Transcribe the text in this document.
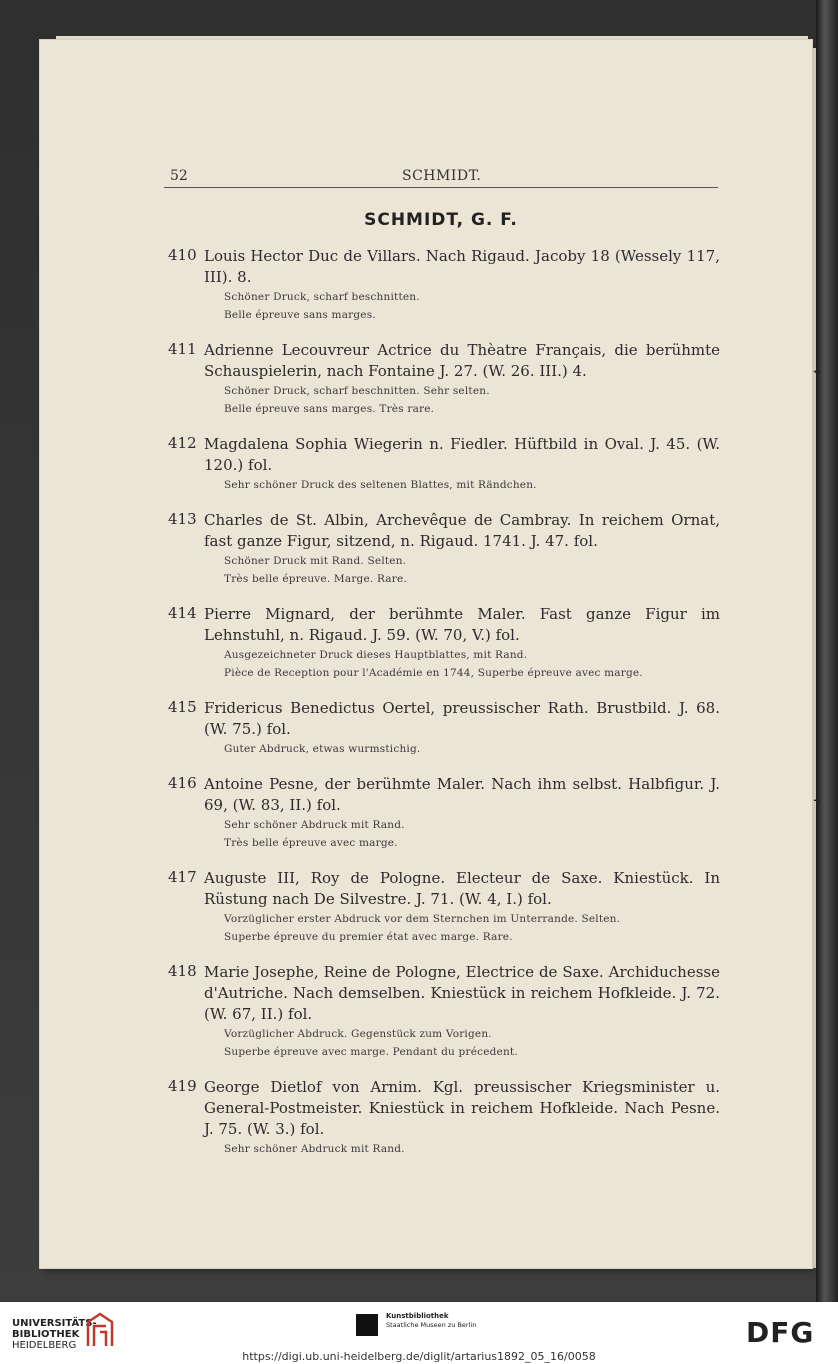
✦
✝
52	SCHMIDT.
SCHMIDT, G. F.
410 Louis Hector Duc de Villars. Nach Rigaud. Jacoby 18 (Wessely 117, III). 8.
Schöner Druck, scharf beschnitten.
Belle épreuve sans marges.
411 Adrienne Lecouvreur Actrice du Thèatre Français, die berühmte Schauspielerin, nach Fontaine J. 27. (W. 26. III.) 4.
Schöner Druck, scharf beschnitten. Sehr selten.
Belle épreuve sans marges. Très rare.
412 Magdalena Sophia Wiegerin n. Fiedler. Hüftbild in Oval. J. 45. (W. 120.) fol.
Sehr schöner Druck des seltenen Blattes, mit Rändchen.
413 Charles de St. Albin, Archevêque de Cambray. In reichem Ornat, fast ganze Figur, sitzend, n. Rigaud. 1741. J. 47. fol.
Schöner Druck mit Rand. Selten.
Très belle épreuve. Marge. Rare.
414 Pierre Mignard, der berühmte Maler. Fast ganze Figur im Lehnstuhl, n. Rigaud. J. 59. (W. 70, V.) fol.
Ausgezeichneter Druck dieses Hauptblattes, mit Rand.
Pièce de Reception pour l'Académie en 1744, Superbe épreuve avec marge.
415 Fridericus Benedictus Oertel, preussischer Rath. Brustbild. J. 68. (W. 75.) fol.
Guter Abdruck, etwas wurmstichig.
416 Antoine Pesne, der berühmte Maler. Nach ihm selbst. Halbfigur. J. 69, (W. 83, II.) fol.
Sehr schöner Abdruck mit Rand.
Très belle épreuve avec marge.
417 Auguste III, Roy de Pologne. Electeur de Saxe. Kniestück. In Rüstung nach De Silvestre. J. 71. (W. 4, I.) fol.
Vorzüglicher erster Abdruck vor dem Sternchen im Unterrande. Selten.
Superbe épreuve du premier état avec marge. Rare.
418 Marie Josephe, Reine de Pologne, Electrice de Saxe. Archiduchesse d'Autriche. Nach demselben. Kniestück in reichem Hofkleide. J. 72. (W. 67, II.) fol.
Vorzüglicher Abdruck. Gegenstück zum Vorigen.
Superbe épreuve avec marge. Pendant du précedent.
419 George Dietlof von Arnim. Kgl. preussischer Kriegsminister u. General-Postmeister. Kniestück in reichem Hofkleide. Nach Pesne. J. 75. (W. 3.) fol.
Sehr schöner Abdruck mit Rand.
UNIVERSITÄTS-
BIBLIOTHEK
HEIDELBERG
Kunstbibliothek
Staatliche Museen zu Berlin	DFG
https://digi.ub.uni-heidelberg.de/diglit/artarius1892_05_16/0058
